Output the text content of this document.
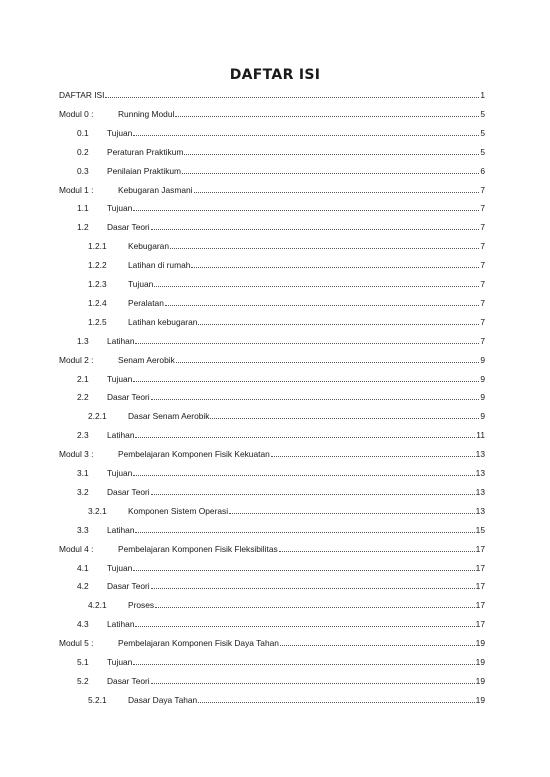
DAFTAR ISI
DAFTAR ISI	1
Modul 0 :	Running Modul	5
0.1	Tujuan	5
0.2	Peraturan Praktikum	5
0.3	Penilaian Praktikum	6
Modul 1 :	Kebugaran Jasmani	7
1.1	Tujuan	7
1.2	Dasar Teori	7
1.2.1	Kebugaran	7
1.2.2	Latihan di rumah	7
1.2.3	Tujuan	7
1.2.4	Peralatan	7
1.2.5	Latihan kebugaran	7
1.3	Latihan	7
Modul 2 :	Senam Aerobik	9
2.1	Tujuan	9
2.2	Dasar Teori	9
2.2.1	Dasar Senam Aerobik	9
2.3	Latihan	11
Modul 3 :	Pembelajaran Komponen Fisik Kekuatan	13
3.1	Tujuan	13
3.2	Dasar Teori	13
3.2.1	Komponen Sistem Operasi	13
3.3	Latihan	15
Modul 4 :	Pembelajaran Komponen Fisik Fleksibilitas	17
4.1	Tujuan	17
4.2	Dasar Teori	17
4.2.1	Proses	17
4.3	Latihan	17
Modul 5 :	Pembelajaran Komponen Fisik Daya Tahan	19
5.1	Tujuan	19
5.2	Dasar Teori	19
5.2.1	Dasar Daya Tahan	19
